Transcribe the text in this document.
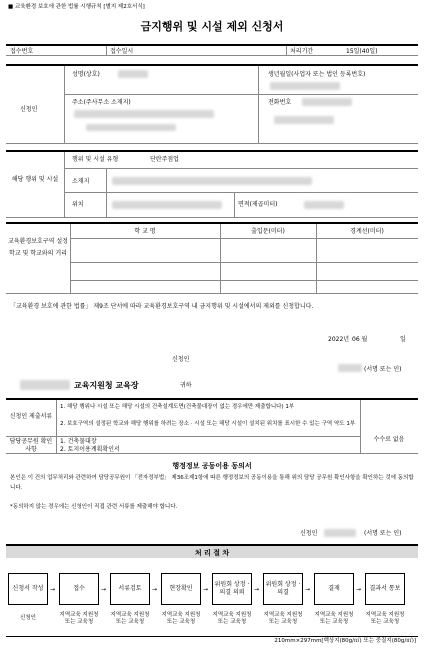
■ 교육환경 보호에 관한 법률 시행규칙 [별지 제2호서식]
금지행위 및 시설 제외 신청서
접수번호	접수일시	처리기간	15일(40일)
신청인
성명(상호)	생년월일(사업자 또는 법인 등록번호)
주소(주사무소 소재지)	전화번호
해당 행위 및 시설
행위 및 시설 유형	단란주점업
소재지
위치	면적(제곱미터)
교육환경보호구역 설정 학교 및 학교와의 거리
학 교 명	출입문(미터)	경계선(미터)
「교육환경 보호에 관한 법률」 제9조 단서에 따라 교육환경보호구역 내 금지행위 및 시설에서의 제외를 신청합니다.
2022년 06 월	일
신청인
(서명 또는 인)
교육지원청 교육장	귀하
신청인 제출서류
1. 해당 행위나 시설 또는 해당 시설의 건축설계도면(건축물대장이 없는 경우에만 제출합니다) 1부
2. 보호구역의 설정된 학교와 해당 행위를 하려는 장소 · 시설 또는 해당 시설이 설치된 위치를 표시한 수 있는 구역 약도 1부
담당공무원 확인사항
1. 건축물대장
2. 토지이용계획확인서
수수료 없음
행정정보 공동이용 동의서
본인은 이 건의 업무처리와 관련하여 담당공무원이 「전자정부법」 제36조제1항에 따른 행정정보의 공동이용을 통해 위의 담당 공무원 확인사항을 확인하는 것에 동의합니다.
*동의하지 않는 경우에는 신청인이 직접 관련 서류를 제출해야 합니다.
신청인	(서명 또는 인)
처 리 절 차
신청서 작성	→	접수	→	서류검토	→	현장확인	→
위원회 상정 · 의결 의뢰	→
위원회 상정 · 의결	→	결재	→	결과서 통보
신청인	지역교육 지원청 또는 교육청
지역교육 지원청 또는 교육청
지역교육 지원청 또는 교육청
지역교육 지원청 또는 교육청
지역교육 지원청 또는 교육청
지역교육 지원청 또는 교육청
지역교육 지원청 또는 교육청
210mm×297mm[백상지(80g/㎡) 또는 중질지(80g/㎡)]
